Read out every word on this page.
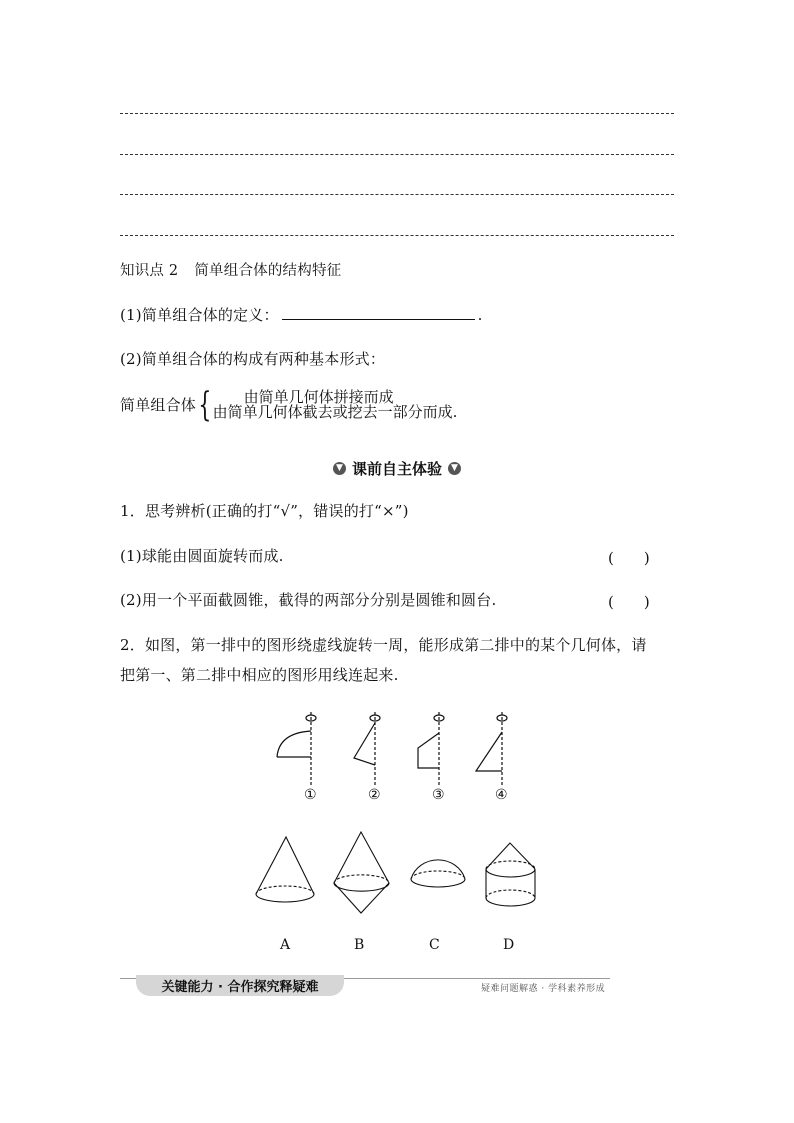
知识点 2 简单组合体的结构特征
(1)简单组合体的定义：	.
(2)简单组合体的构成有两种基本形式：
简单组合体 {	由简单几何体拼接而成
由简单几何体截去或挖去一部分而成.
▼ 课前自主体验	▼
1．思考辨析(正确的打“√”，错误的打“×”)
(1)球能由圆面旋转而成.	(　　)
(2)用一个平面截圆锥，截得的两部分分别是圆锥和圆台.	(　　)
2．如图，第一排中的图形绕虚线旋转一周，能形成第二排中的某个几何体，请
把第一、第二排中相应的图形用线连起来.
①	②	③	④
A	B	C	D
关键能力 · 合作探究释疑难	疑难问题解惑 · 学科素养形成
